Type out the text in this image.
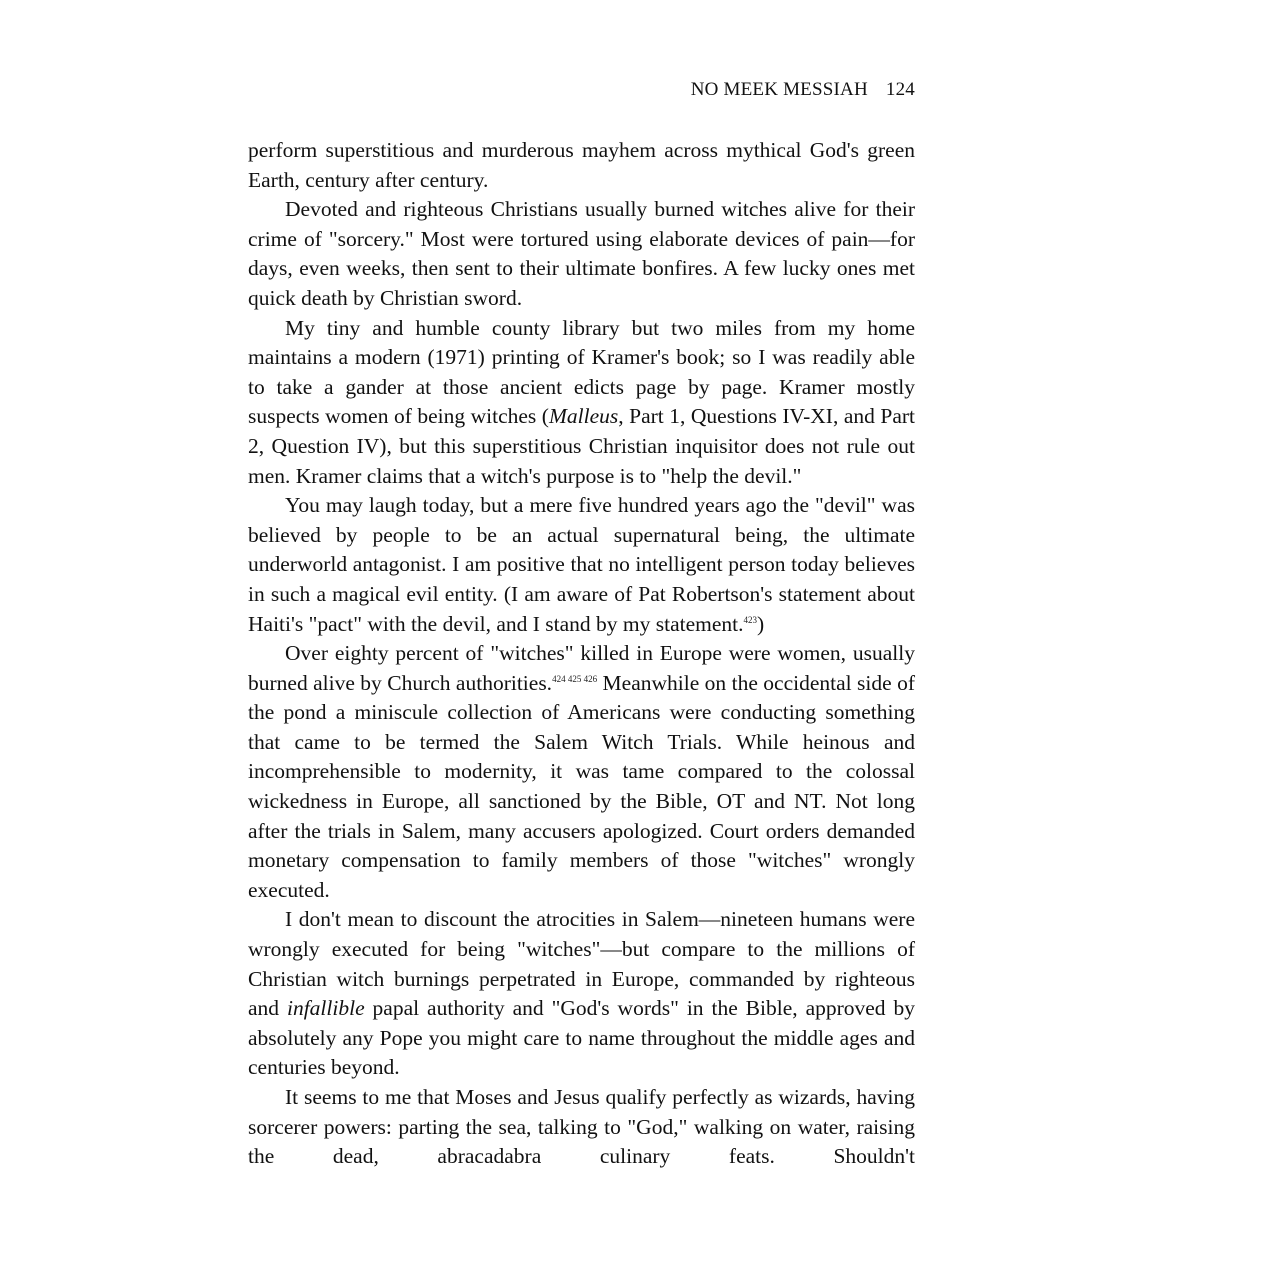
NO MEEK MESSIAH 124

perform superstitious and murderous mayhem across mythical God's green Earth, century after century.

Devoted and righteous Christians usually burned witches alive for their crime of "sorcery." Most were tortured using elaborate devices of pain—for days, even weeks, then sent to their ultimate bonfires. A few lucky ones met quick death by Christian sword.

My tiny and humble county library but two miles from my home maintains a modern (1971) printing of Kramer's book; so I was readily able to take a gander at those ancient edicts page by page. Kramer mostly suspects women of being witches (Malleus, Part 1, Questions IV-XI, and Part 2, Question IV), but this superstitious Christian inquisitor does not rule out men. Kramer claims that a witch's purpose is to "help the devil."

You may laugh today, but a mere five hundred years ago the "devil" was believed by people to be an actual supernatural being, the ultimate underworld antagonist. I am positive that no intelligent person today believes in such a magical evil entity. (I am aware of Pat Robertson's statement about Haiti's "pact" with the devil, and I stand by my statement.$^{423}$)

Over eighty percent of "witches" killed in Europe were women, usually burned alive by Church authorities.$^{424 425 426}$ Meanwhile on the occidental side of the pond a miniscule collection of Americans were conducting something that came to be termed the Salem Witch Trials. While heinous and incomprehensible to modernity, it was tame compared to the colossal wickedness in Europe, all sanctioned by the Bible, OT and NT. Not long after the trials in Salem, many accusers apologized. Court orders demanded monetary compensation to family members of those "witches" wrongly executed.

I don't mean to discount the atrocities in Salem—nineteen humans were wrongly executed for being "witches"—but compare to the millions of Christian witch burnings perpetrated in Europe, commanded by righteous and infallible papal authority and "God's words" in the Bible, approved by absolutely any Pope you might care to name throughout the middle ages and centuries beyond.

It seems to me that Moses and Jesus qualify perfectly as wizards, having sorcerer powers: parting the sea, talking to "God," walking on water, raising the dead, abracadabra culinary feats. Shouldn't
